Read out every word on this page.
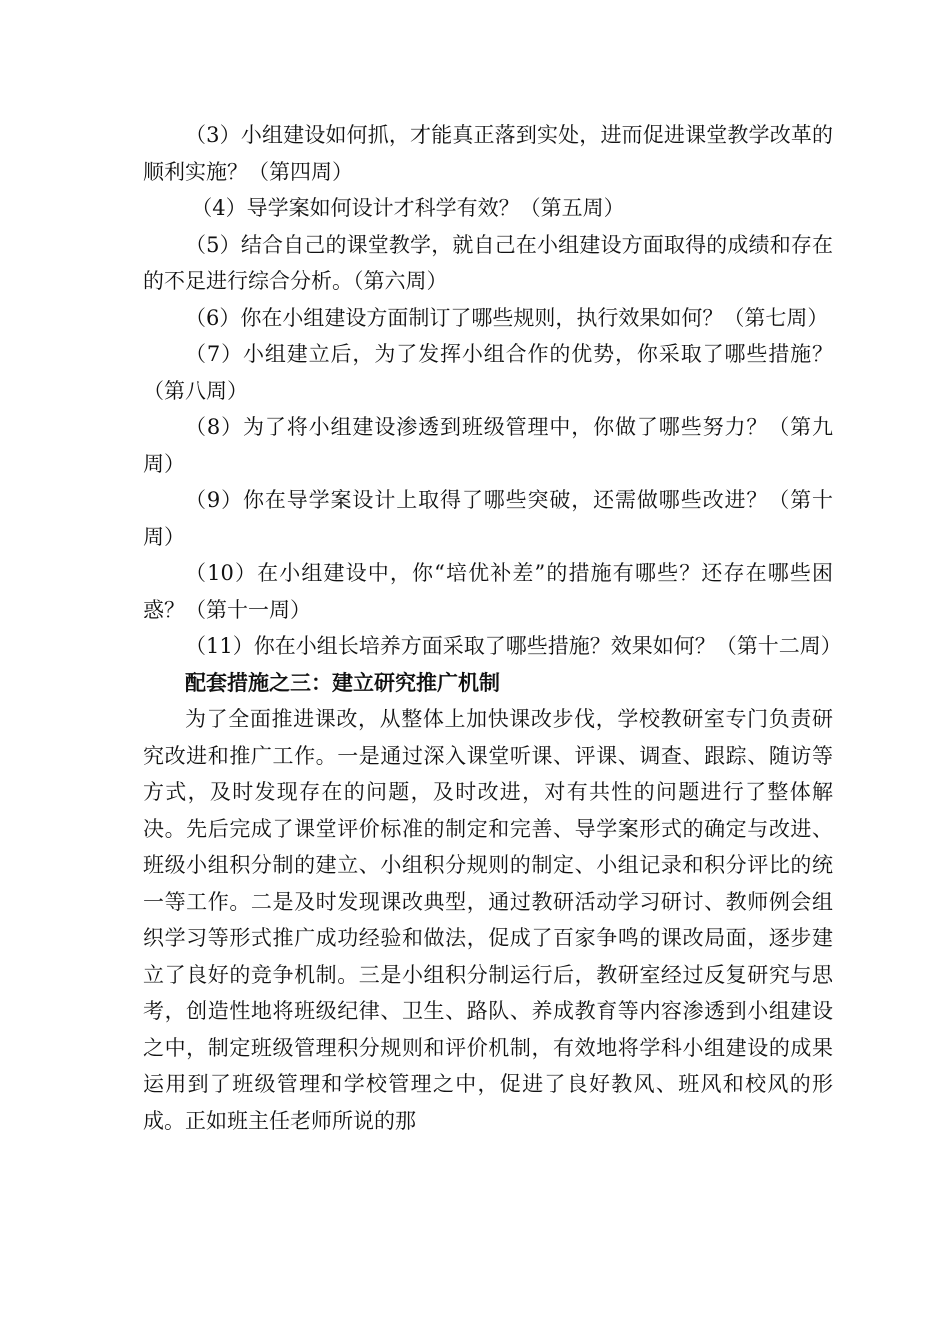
（3）小组建设如何抓，才能真正落到实处，进而促进课堂教学改革的顺利实施？（第四周）

（4）导学案如何设计才科学有效？（第五周）

（5）结合自己的课堂教学，就自己在小组建设方面取得的成绩和存在的不足进行综合分析。（第六周）

（6）你在小组建设方面制订了哪些规则，执行效果如何？（第七周）

（7）小组建立后，为了发挥小组合作的优势，你采取了哪些措施？（第八周）

（8）为了将小组建设渗透到班级管理中，你做了哪些努力？（第九周）

（9）你在导学案设计上取得了哪些突破，还需做哪些改进？（第十周）

（10）在小组建设中，你“培优补差”的措施有哪些？还存在哪些困惑？（第十一周）

（11）你在小组长培养方面采取了哪些措施？效果如何？（第十二周）

配套措施之三：建立研究推广机制

为了全面推进课改，从整体上加快课改步伐，学校教研室专门负责研究改进和推广工作。一是通过深入课堂听课、评课、调查、跟踪、随访等方式，及时发现存在的问题，及时改进，对有共性的问题进行了整体解决。先后完成了课堂评价标准的制定和完善、导学案形式的确定与改进、班级小组积分制的建立、小组积分规则的制定、小组记录和积分评比的统一等工作。二是及时发现课改典型，通过教研活动学习研讨、教师例会组织学习等形式推广成功经验和做法，促成了百家争鸣的课改局面，逐步建立了良好的竞争机制。三是小组积分制运行后，教研室经过反复研究与思考，创造性地将班级纪律、卫生、路队、养成教育等内容渗透到小组建设之中，制定班级管理积分规则和评价机制，有效地将学科小组建设的成果运用到了班级管理和学校管理之中，促进了良好教风、班风和校风的形成。正如班主任老师所说的那
